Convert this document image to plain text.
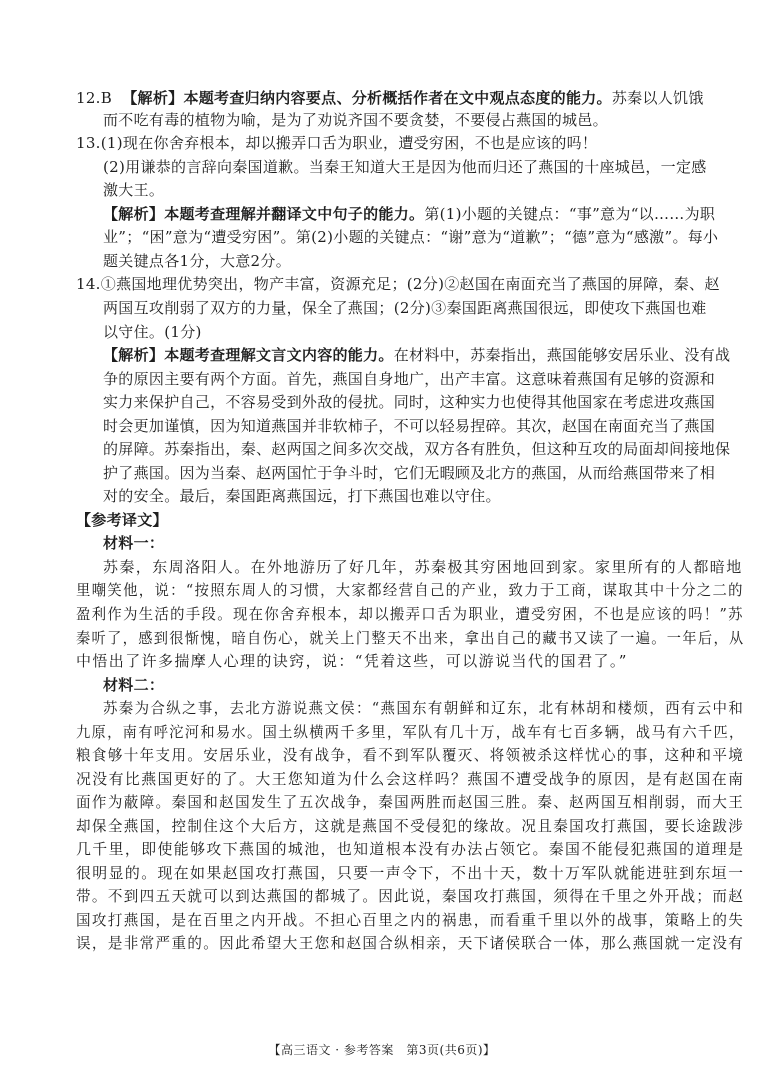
12.B 【解析】本题考查归纳内容要点、分析概括作者在文中观点态度的能力。苏秦以人饥饿
而不吃有毒的植物为喻，是为了劝说齐国不要贪婪，不要侵占燕国的城邑。
13.(1)现在你舍弃根本，却以搬弄口舌为职业，遭受穷困，不也是应该的吗！
(2)用谦恭的言辞向秦国道歉。当秦王知道大王是因为他而归还了燕国的十座城邑，一定感
激大王。
【解析】本题考查理解并翻译文中句子的能力。第(1)小题的关键点：“事”意为“以……为职
业”；“困”意为“遭受穷困”。第(2)小题的关键点：“谢”意为“道歉”；“德”意为“感激”。每小
题关键点各1分，大意2分。
14.①燕国地理优势突出，物产丰富，资源充足；(2分)②赵国在南面充当了燕国的屏障，秦、赵
两国互攻削弱了双方的力量，保全了燕国；(2分)③秦国距离燕国很远，即使攻下燕国也难
以守住。(1分)
【解析】本题考查理解文言文内容的能力。在材料中，苏秦指出，燕国能够安居乐业、没有战
争的原因主要有两个方面。首先，燕国自身地广，出产丰富。这意味着燕国有足够的资源和
实力来保护自己，不容易受到外敌的侵扰。同时，这种实力也使得其他国家在考虑进攻燕国
时会更加谨慎，因为知道燕国并非软柿子，不可以轻易捏碎。其次，赵国在南面充当了燕国
的屏障。苏秦指出，秦、赵两国之间多次交战，双方各有胜负，但这种互攻的局面却间接地保
护了燕国。因为当秦、赵两国忙于争斗时，它们无暇顾及北方的燕国，从而给燕国带来了相
对的安全。最后，秦国距离燕国远，打下燕国也难以守住。
【参考译文】
材料一：
苏秦，东周洛阳人。在外地游历了好几年，苏秦极其穷困地回到家。家里所有的人都暗地
里嘲笑他，说：“按照东周人的习惯，大家都经营自己的产业，致力于工商，谋取其中十分之二的
盈利作为生活的手段。现在你舍弃根本，却以搬弄口舌为职业，遭受穷困，不也是应该的吗！”苏
秦听了，感到很惭愧，暗自伤心，就关上门整天不出来，拿出自己的藏书又读了一遍。一年后，从
中悟出了许多揣摩人心理的诀窍，说：“凭着这些，可以游说当代的国君了。”
材料二：
苏秦为合纵之事，去北方游说燕文侯：“燕国东有朝鲜和辽东，北有林胡和楼烦，西有云中和
九原，南有呼沱河和易水。国土纵横两千多里，军队有几十万，战车有七百多辆，战马有六千匹，
粮食够十年支用。安居乐业，没有战争，看不到军队覆灭、将领被杀这样忧心的事，这种和平境
况没有比燕国更好的了。大王您知道为什么会这样吗？燕国不遭受战争的原因，是有赵国在南
面作为蔽障。秦国和赵国发生了五次战争，秦国两胜而赵国三胜。秦、赵两国互相削弱，而大王
却保全燕国，控制住这个大后方，这就是燕国不受侵犯的缘故。况且秦国攻打燕国，要长途跋涉
几千里，即使能够攻下燕国的城池，也知道根本没有办法占领它。秦国不能侵犯燕国的道理是
很明显的。现在如果赵国攻打燕国，只要一声令下，不出十天，数十万军队就能进驻到东垣一
带。不到四五天就可以到达燕国的都城了。因此说，秦国攻打燕国，须得在千里之外开战；而赵
国攻打燕国，是在百里之内开战。不担心百里之内的祸患，而看重千里以外的战事，策略上的失
误，是非常严重的。因此希望大王您和赵国合纵相亲，天下诸侯联合一体，那么燕国就一定没有
【高三语文 · 参考答案　第3页(共6页)】
